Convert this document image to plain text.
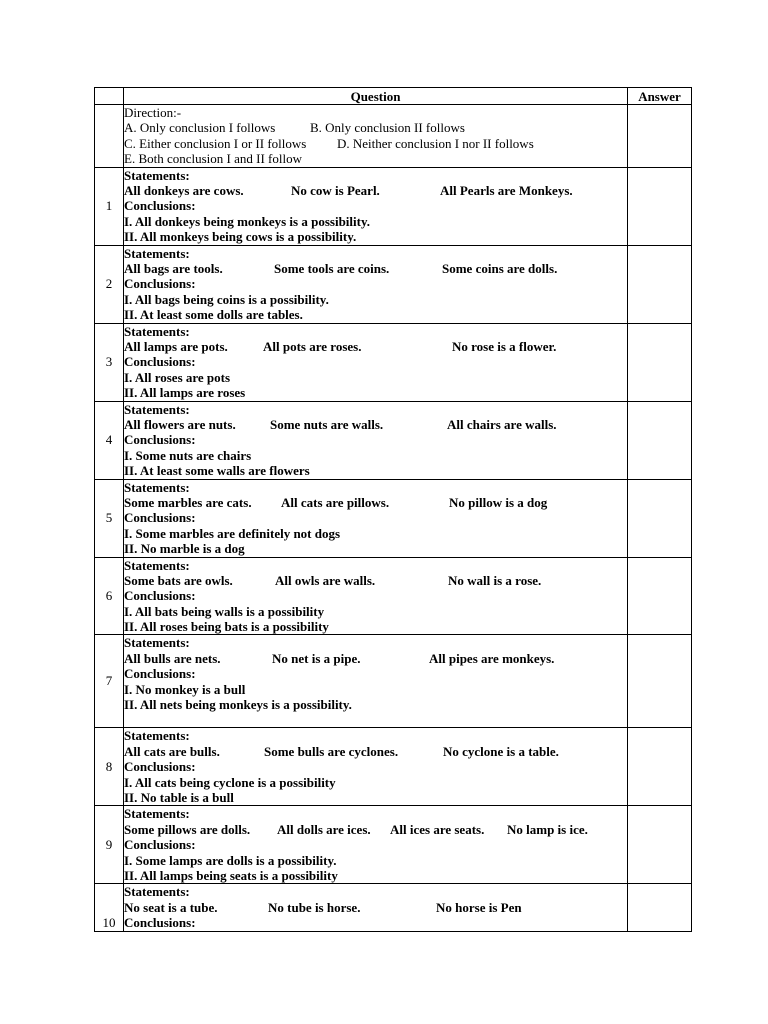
	Question	Answer

	Direction:-
A. Only conclusion I follows B. Only conclusion II follows
C. Either conclusion I or II follows D. Neither conclusion I nor II follows
E. Both conclusion I and II follow	

1	Statements:
All donkeys are cows. No cow is Pearl. All Pearls are Monkeys.
Conclusions:
I. All donkeys being monkeys is a possibility.
II. All monkeys being cows is a possibility.	

2	Statements:
All bags are tools. Some tools are coins. Some coins are dolls.
Conclusions:
I. All bags being coins is a possibility.
II. At least some dolls are tables.	

3	Statements:
All lamps are pots. All pots are roses. No rose is a flower.
Conclusions:
I. All roses are pots
II. All lamps are roses	

4	Statements:
All flowers are nuts. Some nuts are walls. All chairs are walls.
Conclusions:
I. Some nuts are chairs
II. At least some walls are flowers	

5	Statements:
Some marbles are cats. All cats are pillows. No pillow is a dog
Conclusions:
I. Some marbles are definitely not dogs
II. No marble is a dog	

6	Statements:
Some bats are owls. All owls are walls. No wall is a rose.
Conclusions:
I. All bats being walls is a possibility
II. All roses being bats is a possibility	

7	Statements:
All bulls are nets. No net is a pipe. All pipes are monkeys.
Conclusions:
I. No monkey is a bull
II. All nets being monkeys is a possibility.	

8	Statements:
All cats are bulls. Some bulls are cyclones. No cyclone is a table.
Conclusions:
I. All cats being cyclone is a possibility
II. No table is a bull	

9	Statements:
Some pillows are dolls. All dolls are ices. All ices are seats. No lamp is ice.
Conclusions:
I. Some lamps are dolls is a possibility.
II. All lamps being seats is a possibility	

10	Statements:
No seat is a tube. No tube is horse. No horse is Pen
Conclusions:	
